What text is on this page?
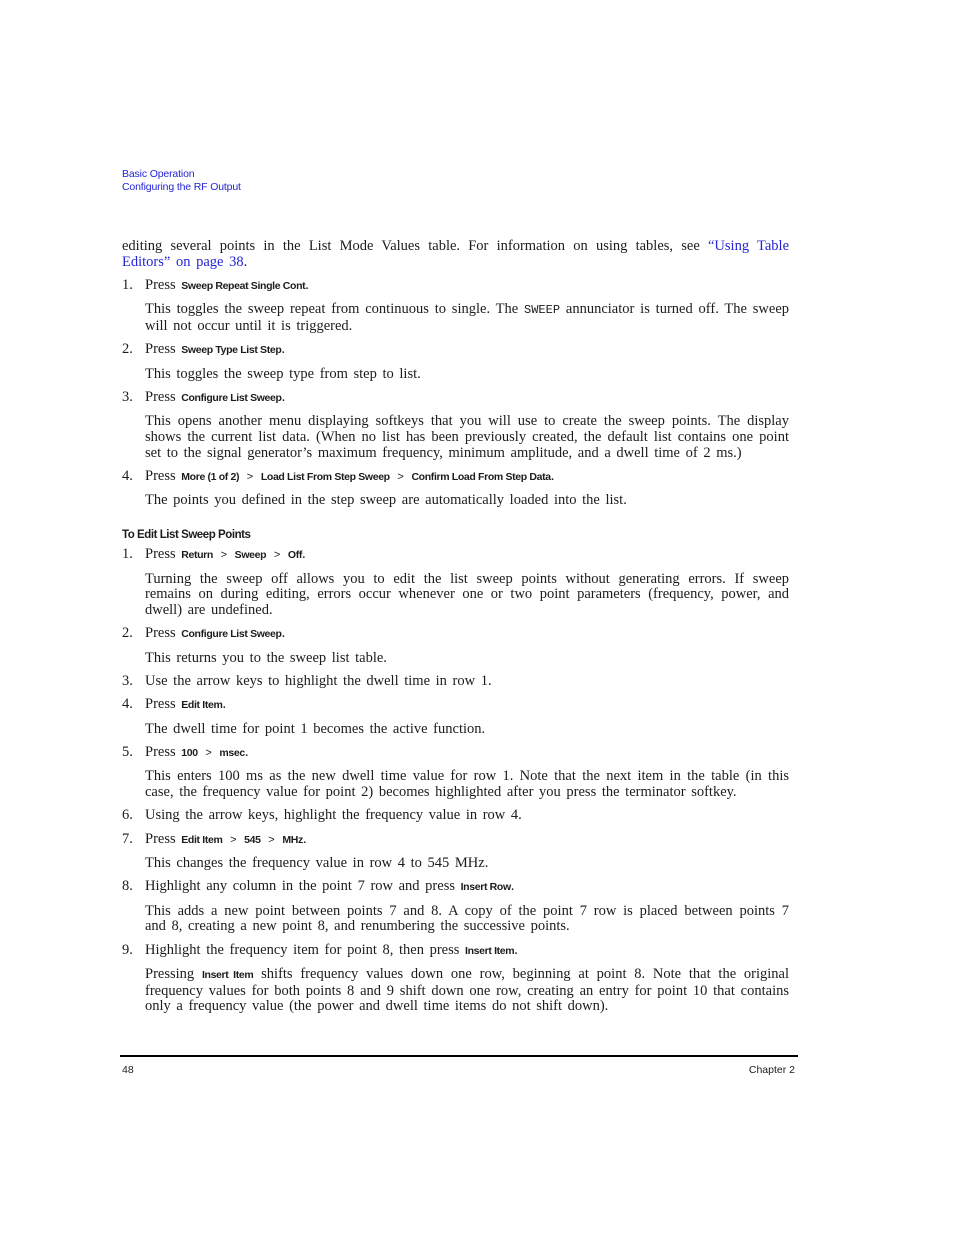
Basic Operation
Configuring the RF Output

editing several points in the List Mode Values table. For information on using tables, see “Using Table Editors” on page 38.

1. Press Sweep Repeat Single Cont.

This toggles the sweep repeat from continuous to single. The SWEEP annunciator is turned off. The sweep will not occur until it is triggered.

2. Press Sweep Type List Step.

This toggles the sweep type from step to list.

3. Press Configure List Sweep.

This opens another menu displaying softkeys that you will use to create the sweep points. The display shows the current list data. (When no list has been previously created, the default list contains one point set to the signal generator’s maximum frequency, minimum amplitude, and a dwell time of 2 ms.)

4. Press More (1 of 2) > Load List From Step Sweep > Confirm Load From Step Data.

The points you defined in the step sweep are automatically loaded into the list.

To Edit List Sweep Points
1. Press Return > Sweep > Off.

Turning the sweep off allows you to edit the list sweep points without generating errors. If sweep remains on during editing, errors occur whenever one or two point parameters (frequency, power, and dwell) are undefined.

2. Press Configure List Sweep.

This returns you to the sweep list table.

3. Use the arrow keys to highlight the dwell time in row 1.
4. Press Edit Item.

The dwell time for point 1 becomes the active function.

5. Press 100 > msec.

This enters 100 ms as the new dwell time value for row 1. Note that the next item in the table (in this case, the frequency value for point 2) becomes highlighted after you press the terminator softkey.

6. Using the arrow keys, highlight the frequency value in row 4.
7. Press Edit Item > 545 > MHz.

This changes the frequency value in row 4 to 545 MHz.

8. Highlight any column in the point 7 row and press Insert Row.

This adds a new point between points 7 and 8. A copy of the point 7 row is placed between points 7 and 8, creating a new point 8, and renumbering the successive points.

9. Highlight the frequency item for point 8, then press Insert Item.

Pressing Insert Item shifts frequency values down one row, beginning at point 8. Note that the original frequency values for both points 8 and 9 shift down one row, creating an entry for point 10 that contains only a frequency value (the power and dwell time items do not shift down).

48	Chapter 2
